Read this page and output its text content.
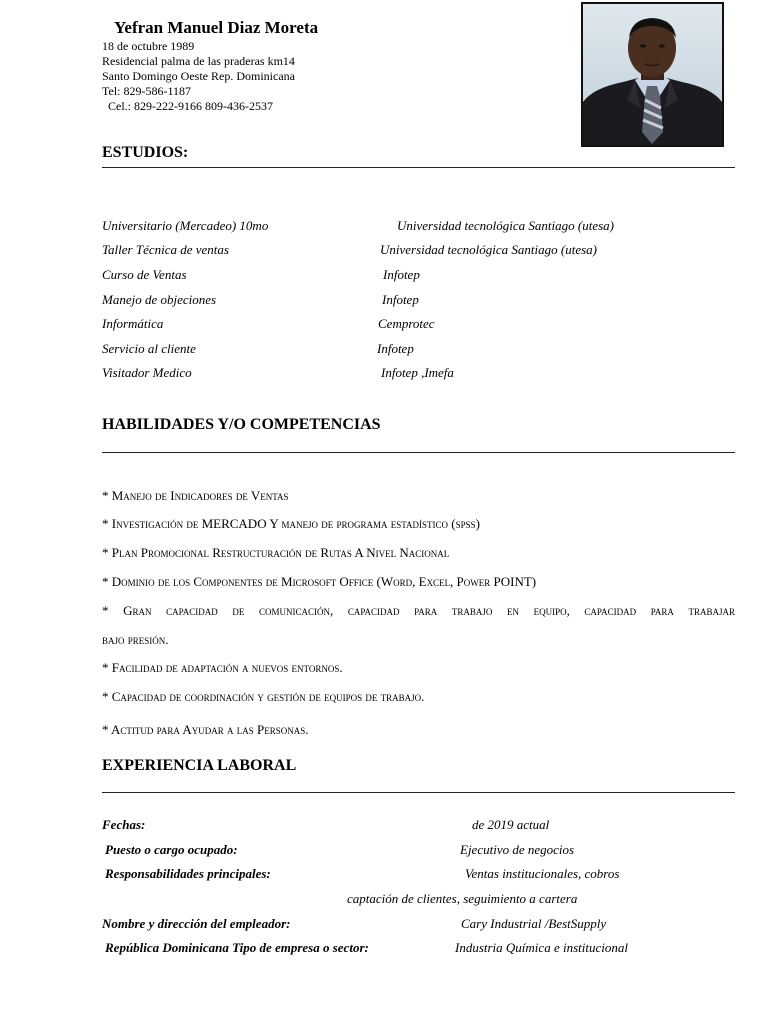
Yefran Manuel Diaz Moreta
18 de octubre 1989
Residencial palma de las praderas km14
Santo Domingo Oeste Rep. Dominicana
Tel: 829-586-1187
Cel.: 829-222-9166 809-436-2537
ESTUDIOS:
Universitario (Mercadeo) 10mo	Universidad tecnológica Santiago (utesa)
Taller Técnica de ventas	Universidad tecnológica Santiago (utesa)
Curso de Ventas	Infotep
Manejo de objeciones	Infotep
Informática	Cemprotec
Servicio al cliente	Infotep
Visitador Medico	Infotep ,Imefa
HABILIDADES Y/O COMPETENCIAS
* Manejo de Indicadores de Ventas
* Investigación de MERCADO Y manejo de programa estadístico (spss)
* Plan Promocional Restructuración de Rutas A Nivel Nacional
* Dominio de los Componentes de Microsoft Office (Word, Excel, Power POINT)
* Gran capacidad de comunicación, capacidad para trabajo en equipo, capacidad para trabajar
bajo presión.
* Facilidad de adaptación a nuevos entornos.
* Capacidad de coordinación y gestión de equipos de trabajo.
* Actitud para Ayudar a las Personas.
EXPERIENCIA LABORAL
Fechas:	de 2019 actual
Puesto o cargo ocupado:	Ejecutivo de negocios
Responsabilidades principales:	Ventas institucionales, cobros
captación de clientes, seguimiento a cartera
Nombre y dirección del empleador:	Cary Industrial /BestSupply
República Dominicana Tipo de empresa o sector:	Industria Química e institucional
